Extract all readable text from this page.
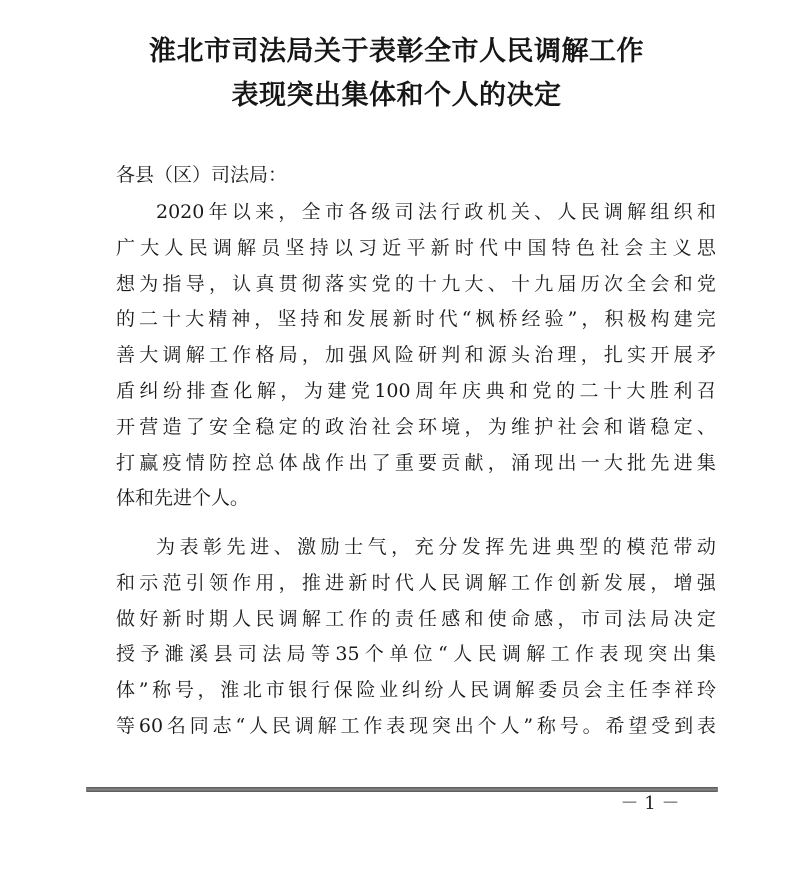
淮北市司法局关于表彰全市人民调解工作
表现突出集体和个人的决定
各县（区）司法局：
2020 年 以 来 ， 全 市 各 级 司 法 行 政 机 关 、 人 民 调 解 组 织 和
广 大 人 民 调 解 员 坚 持 以 习 近 平 新 时 代 中 国 特 色 社 会 主 义 思
想 为 指 导 ， 认 真 贯 彻 落 实 党 的 十 九 大 、 十 九 届 历 次 全 会 和 党
的 二 十 大 精 神 ， 坚 持 和 发 展 新 时 代 “ 枫 桥 经 验 ” ， 积 极 构 建 完
善 大 调 解 工 作 格 局 ， 加 强 风 险 研 判 和 源 头 治 理 ， 扎 实 开 展 矛
盾 纠 纷 排 查 化 解 ， 为 建 党 100 周 年 庆 典 和 党 的 二 十 大 胜 利 召
开 营 造 了 安 全 稳 定 的 政 治 社 会 环 境 ， 为 维 护 社 会 和 谐 稳 定 、
打 赢 疫 情 防 控 总 体 战 作 出 了 重 要 贡 献 ， 涌 现 出 一 大 批 先 进 集
体和先进个人。
为 表 彰 先 进 、 激 励 士 气 ， 充 分 发 挥 先 进 典 型 的 模 范 带 动
和 示 范 引 领 作 用 ， 推 进 新 时 代 人 民 调 解 工 作 创 新 发 展 ， 增 强
做 好 新 时 期 人 民 调 解 工 作 的 责 任 感 和 使 命 感 ， 市 司 法 局 决 定
授 予 濉 溪 县 司 法 局 等 35 个 单 位 “ 人 民 调 解 工 作 表 现 突 出 集
体 ” 称 号 ， 淮 北 市 银 行 保 险 业 纠 纷 人 民 调 解 委 员 会 主 任 李 祥 玲
等 60 名 同 志 “ 人 民 调 解 工 作 表 现 突 出 个 人 ” 称 号 。 希 望 受 到 表
－ 1 －
